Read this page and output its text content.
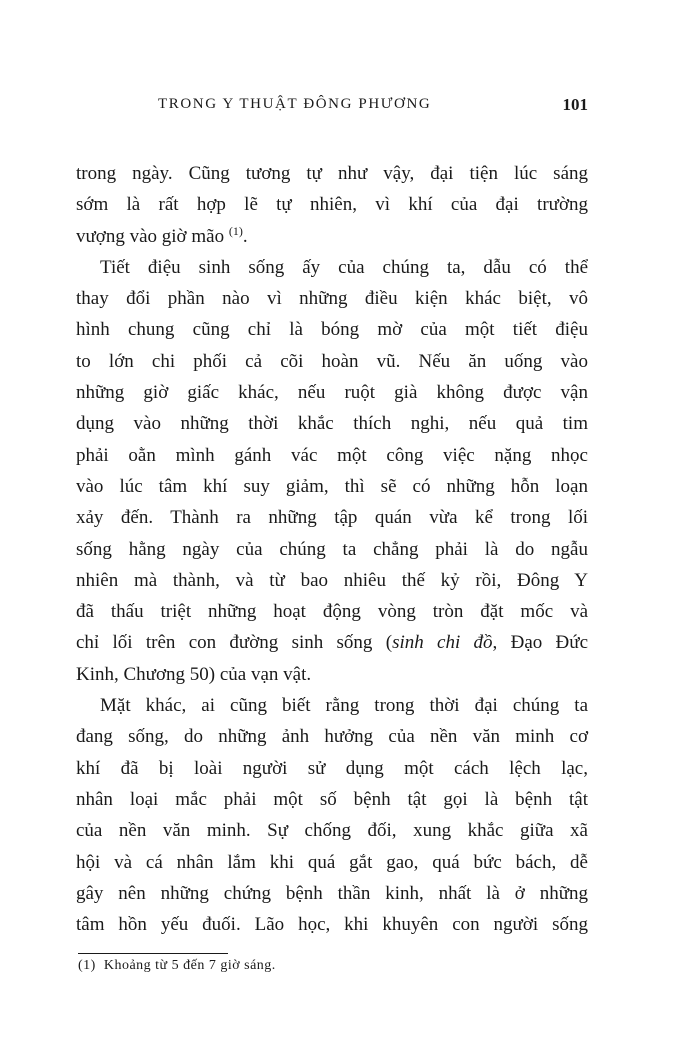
TRONG Y THUẬT ĐÔNG PHƯƠNG	101
trong ngày. Cũng tương tự như vậy, đại tiện lúc sáng
sớm là rất hợp lẽ tự nhiên, vì khí của đại trường
vượng vào giờ mão $^{(1)}$.
Tiết điệu sinh sống ấy của chúng ta, dẫu có thể
thay đổi phần nào vì những điều kiện khác biệt, vô
hình chung cũng chỉ là bóng mờ của một tiết điệu
to lớn chi phối cả cõi hoàn vũ. Nếu ăn uống vào
những giờ giấc khác, nếu ruột già không được vận
dụng vào những thời khắc thích nghi, nếu quả tim
phải oằn mình gánh vác một công việc nặng nhọc
vào lúc tâm khí suy giảm, thì sẽ có những hỗn loạn
xảy đến. Thành ra những tập quán vừa kể trong lối
sống hằng ngày của chúng ta chẳng phải là do ngẫu
nhiên mà thành, và từ bao nhiêu thế kỷ rồi, Đông Y
đã thấu triệt những hoạt động vòng tròn đặt mốc và
chỉ lối trên con đường sinh sống (sinh chi đồ, Đạo Đức
Kinh, Chương 50) của vạn vật.
Mặt khác, ai cũng biết rằng trong thời đại chúng ta
đang sống, do những ảnh hưởng của nền văn minh cơ
khí đã bị loài người sử dụng một cách lệch lạc,
nhân loại mắc phải một số bệnh tật gọi là bệnh tật
của nền văn minh. Sự chống đối, xung khắc giữa xã
hội và cá nhân lắm khi quá gắt gao, quá bức bách, dễ
gây nên những chứng bệnh thần kinh, nhất là ở những
tâm hồn yếu đuối. Lão học, khi khuyên con người sống
(1) Khoảng từ 5 đến 7 giờ sáng.
